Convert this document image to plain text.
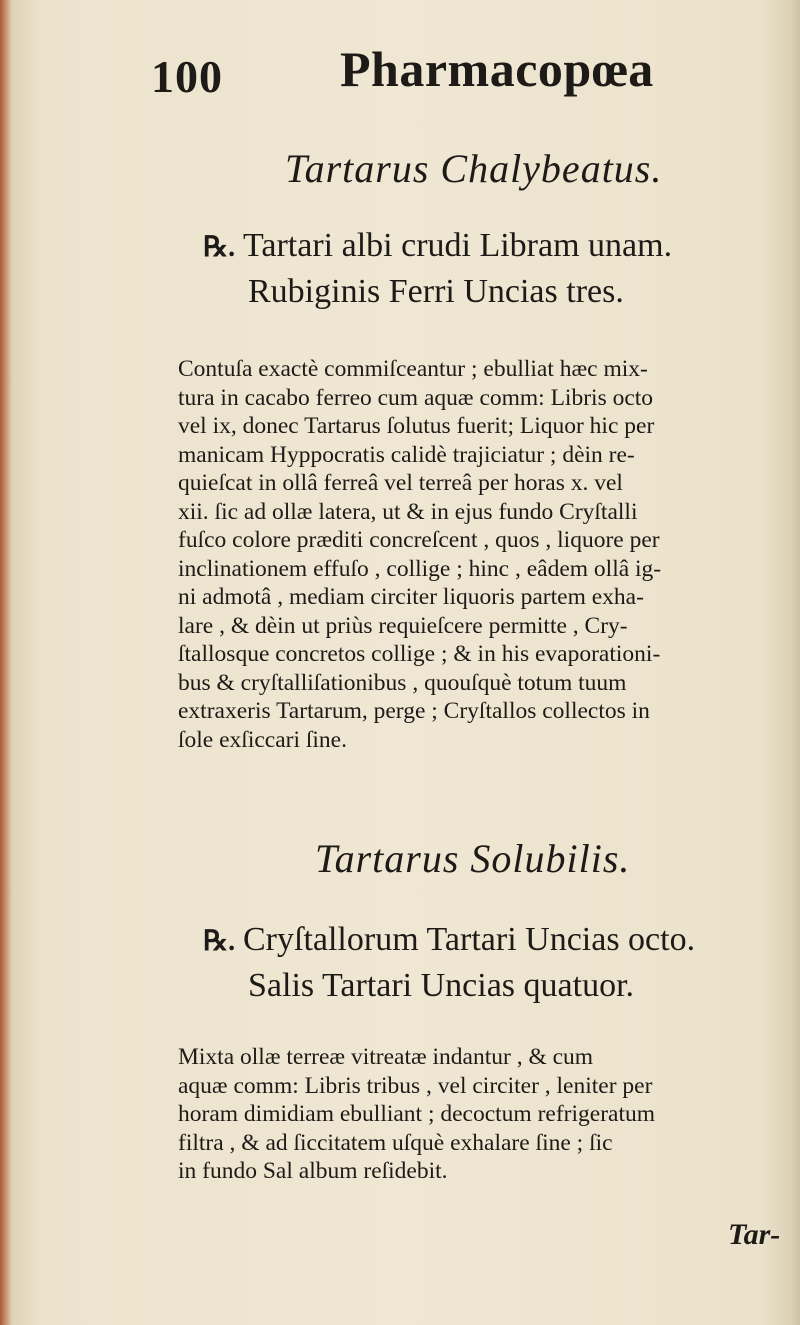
100 Pharmacopœa
Tartarus Chalybeatus.
℞. Tartari albi crudi Libram unam.
Rubiginis Ferri Uncias tres.
Contuſa exactè commiſceantur ; ebulliat hæc mix-
tura in cacabo ferreo cum aquæ comm: Libris octo
vel ix, donec Tartarus ſolutus fuerit; Liquor hic per
manicam Hyppocratis calidè trajiciatur ; dèin re-
quieſcat in ollâ ferreâ vel terreâ per horas x. vel
xii. ſic ad ollæ latera, ut & in ejus fundo Cryſtalli
fuſco colore præditi concreſcent , quos , liquore per
inclinationem effuſo , collige ; hinc , eâdem ollâ ig-
ni admotâ , mediam circiter liquoris partem exha-
lare , & dèin ut priùs requieſcere permitte , Cry-
ſtallosque concretos collige ; & in his evaporationi-
bus & cryſtalliſationibus , quouſquè totum tuum
extraxeris Tartarum, perge ; Cryſtallos collectos in
ſole exſiccari ſine.
Tartarus Solubilis.
℞. Cryſtallorum Tartari Uncias octo.
Salis Tartari Uncias quatuor.
Mixta ollæ terreæ vitreatæ indantur , & cum
aquæ comm: Libris tribus , vel circiter , leniter per
horam dimidiam ebulliant ; decoctum refrigeratum
filtra , & ad ſiccitatem uſquè exhalare ſine ; ſic
in fundo Sal album reſidebit.
Tar-
